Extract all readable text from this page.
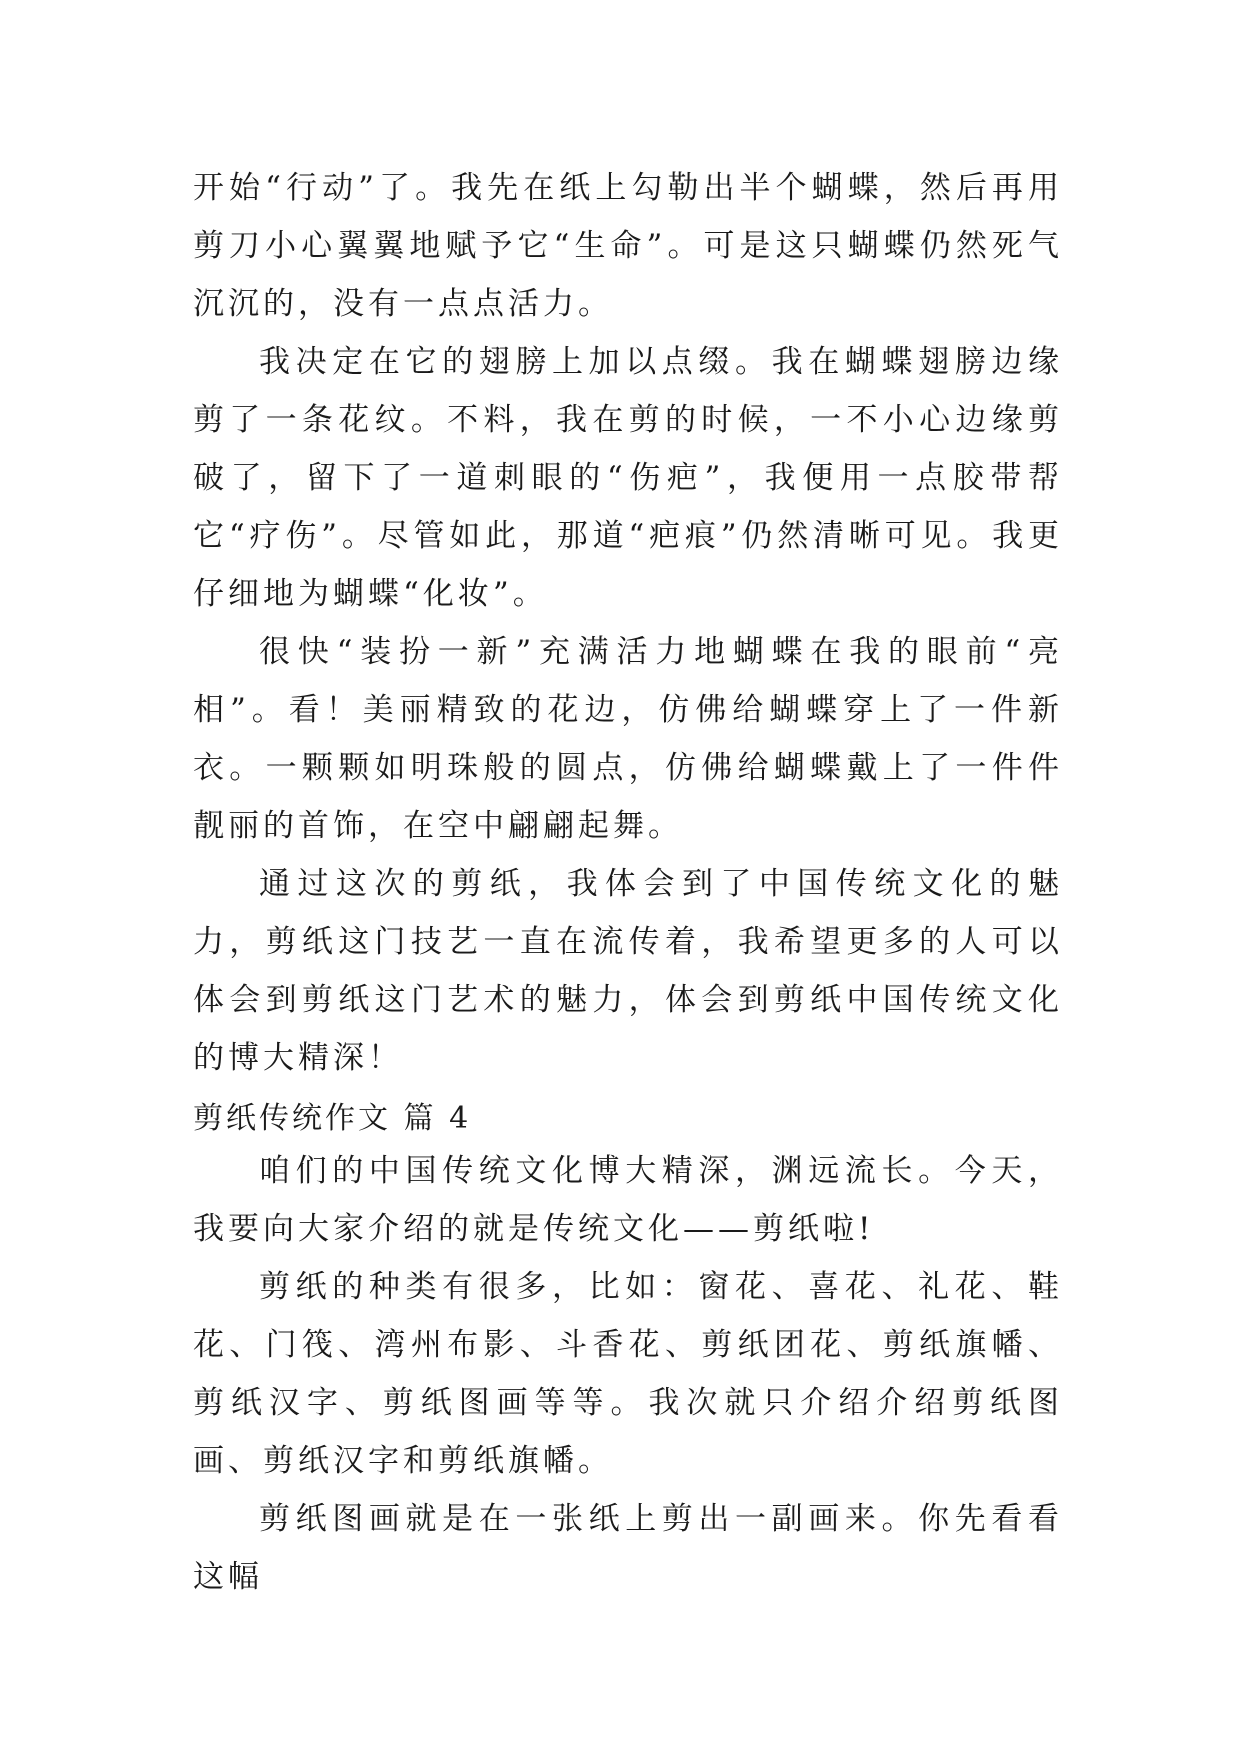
开始“行动”了。我先在纸上勾勒出半个蝴蝶，然后再用剪刀小心翼翼地赋予它“生命”。可是这只蝴蝶仍然死气沉沉的，没有一点点活力。

我决定在它的翅膀上加以点缀。我在蝴蝶翅膀边缘剪了一条花纹。不料，我在剪的时候，一不小心边缘剪破了，留下了一道刺眼的“伤疤”，我便用一点胶带帮它“疗伤”。尽管如此，那道“疤痕”仍然清晰可见。我更仔细地为蝴蝶“化妆”。

很快“装扮一新”充满活力地蝴蝶在我的眼前“亮相”。看！美丽精致的花边，仿佛给蝴蝶穿上了一件新衣。一颗颗如明珠般的圆点，仿佛给蝴蝶戴上了一件件靓丽的首饰，在空中翩翩起舞。

通过这次的剪纸，我体会到了中国传统文化的魅力，剪纸这门技艺一直在流传着，我希望更多的人可以体会到剪纸这门艺术的魅力，体会到剪纸中国传统文化的博大精深！

剪纸传统作文 篇 4

咱们的中国传统文化博大精深，渊远流长。今天，我要向大家介绍的就是传统文化——剪纸啦!

剪纸的种类有很多，比如：窗花、喜花、礼花、鞋花、门筏、湾州布影、斗香花、剪纸团花、剪纸旗幡、剪纸汉字、剪纸图画等等。我次就只介绍介绍剪纸图画、剪纸汉字和剪纸旗幡。

剪纸图画就是在一张纸上剪出一副画来。你先看看这幅
